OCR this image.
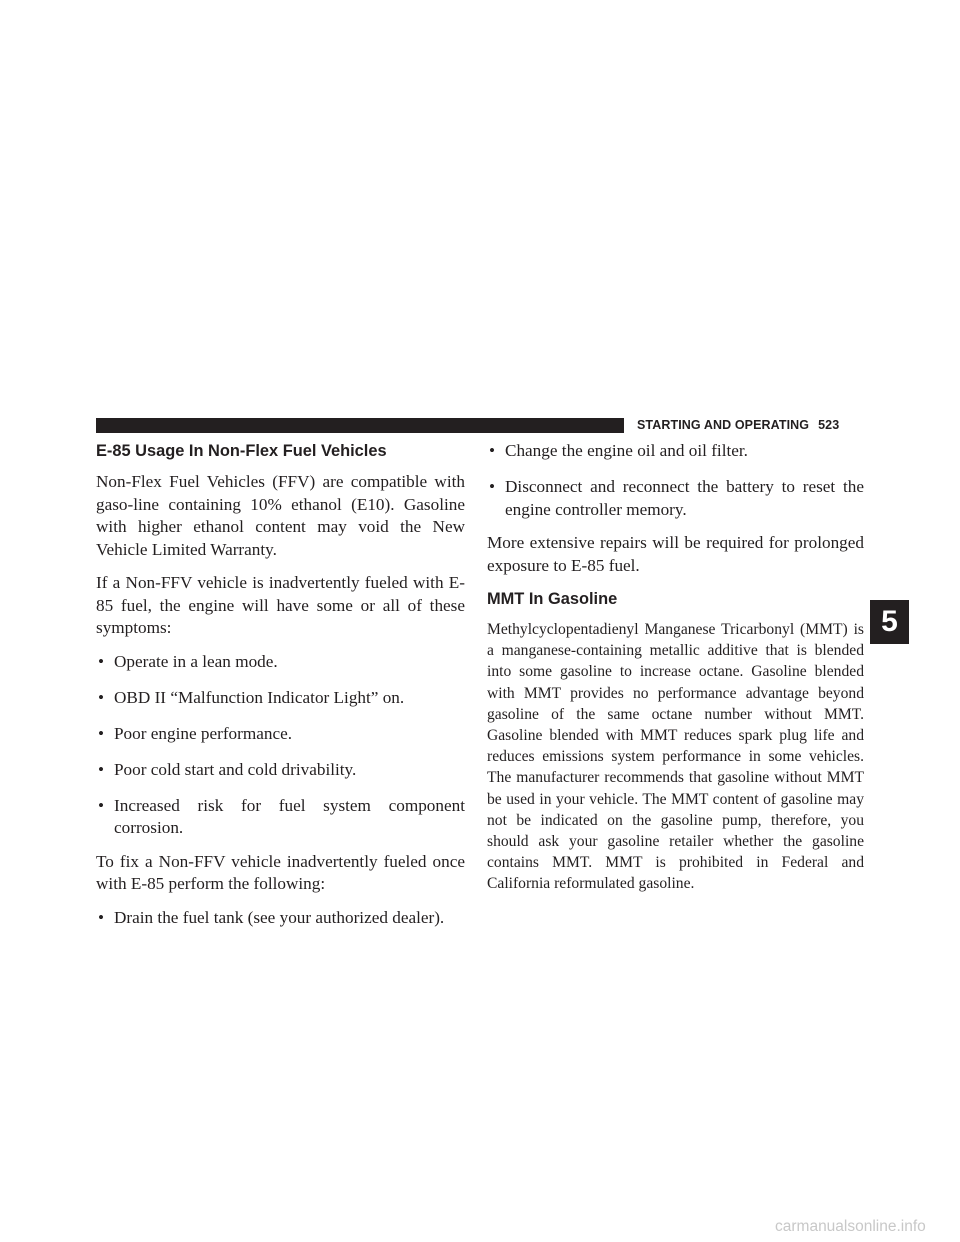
STARTING AND OPERATING 523
E-85 Usage In Non-Flex Fuel Vehicles

Non-Flex Fuel Vehicles (FFV) are compatible with gaso-line containing 10% ethanol (E10). Gasoline with higher ethanol content may void the New Vehicle Limited Warranty.

If a Non-FFV vehicle is inadvertently fueled with E-85 fuel, the engine will have some or all of these symptoms:

• Operate in a lean mode.
• OBD II “Malfunction Indicator Light” on.
• Poor engine performance.
• Poor cold start and cold drivability.
• Increased risk for fuel system component corrosion.

To fix a Non-FFV vehicle inadvertently fueled once with E-85 perform the following:

• Drain the fuel tank (see your authorized dealer).
• Change the engine oil and oil filter.
• Disconnect and reconnect the battery to reset the engine controller memory.

More extensive repairs will be required for prolonged exposure to E-85 fuel.

MMT In Gasoline

Methylcyclopentadienyl Manganese Tricarbonyl (MMT) is a manganese-containing metallic additive that is blended into some gasoline to increase octane. Gasoline blended with MMT provides no performance advantage beyond gasoline of the same octane number without MMT. Gasoline blended with MMT reduces spark plug life and reduces emissions system performance in some vehicles. The manufacturer recommends that gasoline without MMT be used in your vehicle. The MMT content of gasoline may not be indicated on the gasoline pump, therefore, you should ask your gasoline retailer whether the gasoline contains MMT. MMT is prohibited in Federal and California reformulated gasoline.

5
carmanualsonline.info
